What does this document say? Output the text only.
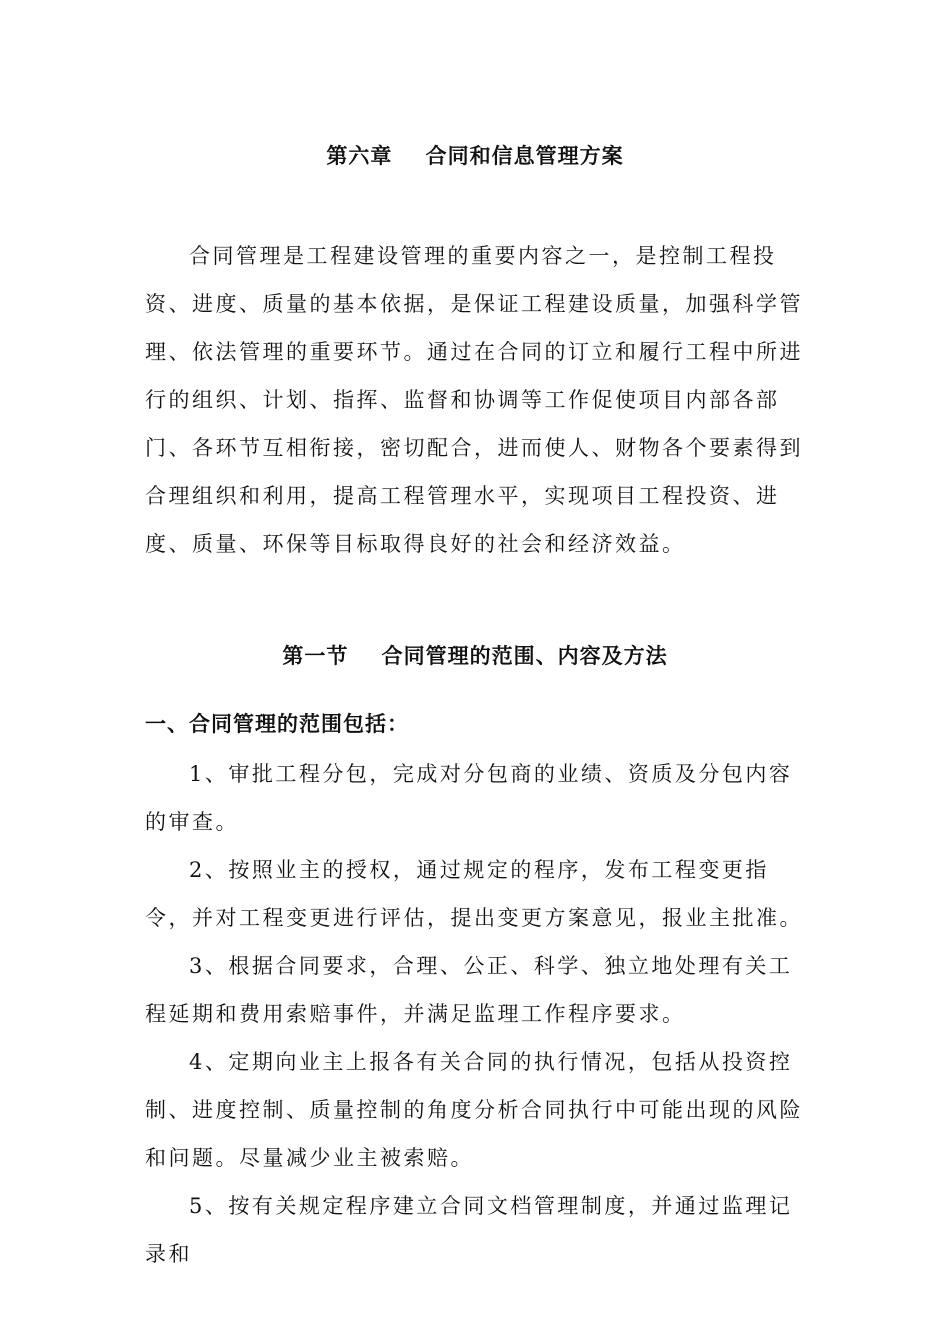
第六章    合同和信息管理方案

合同管理是工程建设管理的重要内容之一，是控制工程投资、进度、质量的基本依据，是保证工程建设质量，加强科学管理、依法管理的重要环节。通过在合同的订立和履行工程中所进行的组织、计划、指挥、监督和协调等工作促使项目内部各部门、各环节互相衔接，密切配合，进而使人、财物各个要素得到合理组织和利用，提高工程管理水平，实现项目工程投资、进度、质量、环保等目标取得良好的社会和经济效益。

第一节    合同管理的范围、内容及方法
一、合同管理的范围包括：

1、审批工程分包，完成对分包商的业绩、资质及分包内容的审查。

2、按照业主的授权，通过规定的程序，发布工程变更指令，并对工程变更进行评估，提出变更方案意见，报业主批准。

3、根据合同要求，合理、公正、科学、独立地处理有关工程延期和费用索赔事件，并满足监理工作程序要求。

4、定期向业主上报各有关合同的执行情况，包括从投资控制、进度控制、质量控制的角度分析合同执行中可能出现的风险和问题。尽量减少业主被索赔。

5、按有关规定程序建立合同文档管理制度，并通过监理记录和
